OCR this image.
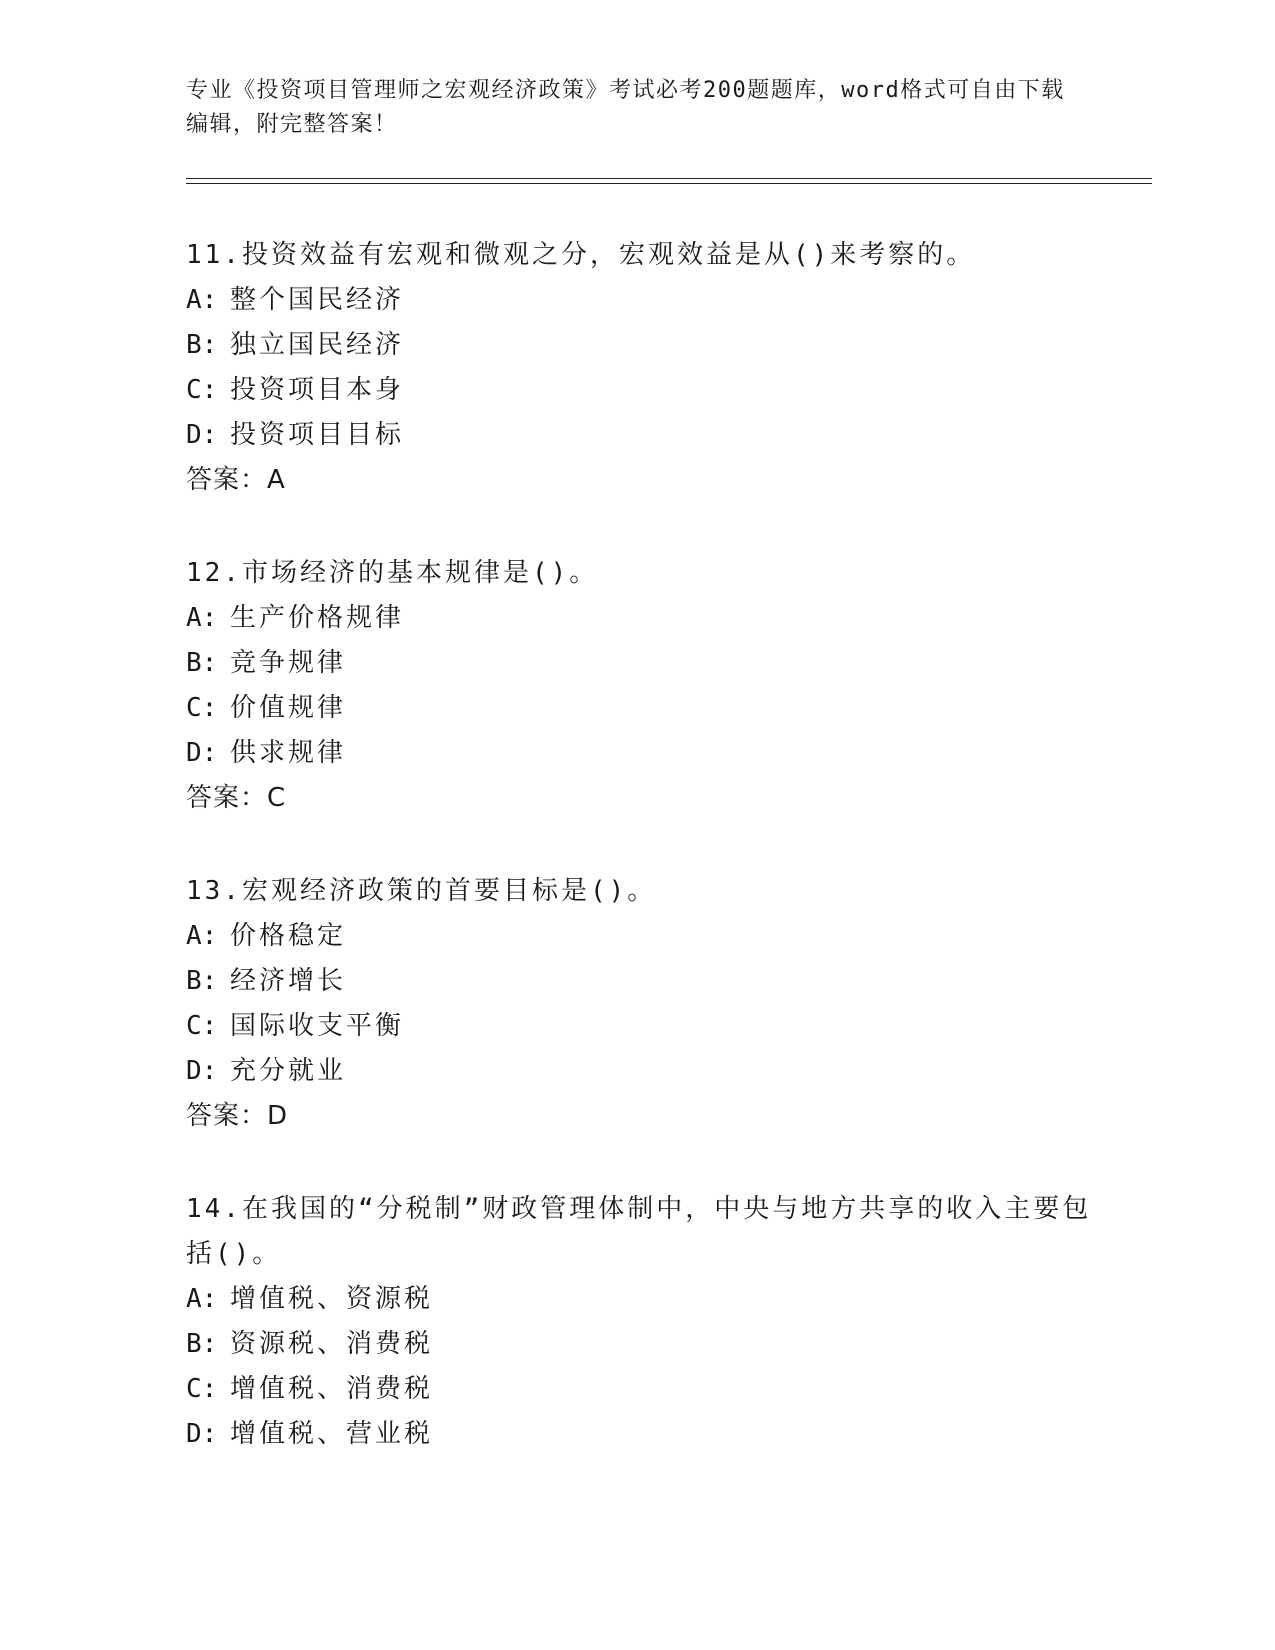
专业《投资项目管理师之宏观经济政策》考试必考200题题库，word格式可自由下载编辑，附完整答案！
11.投资效益有宏观和微观之分，宏观效益是从()来考察的。
A: 整个国民经济
B: 独立国民经济
C: 投资项目本身
D: 投资项目目标
答案：A
12.市场经济的基本规律是()。
A: 生产价格规律
B: 竞争规律
C: 价值规律
D: 供求规律
答案：C
13.宏观经济政策的首要目标是()。
A: 价格稳定
B: 经济增长
C: 国际收支平衡
D: 充分就业
答案：D
14.在我国的“分税制”财政管理体制中，中央与地方共享的收入主要包括()。
A: 增值税、资源税
B: 资源税、消费税
C: 增值税、消费税
D: 增值税、营业税
